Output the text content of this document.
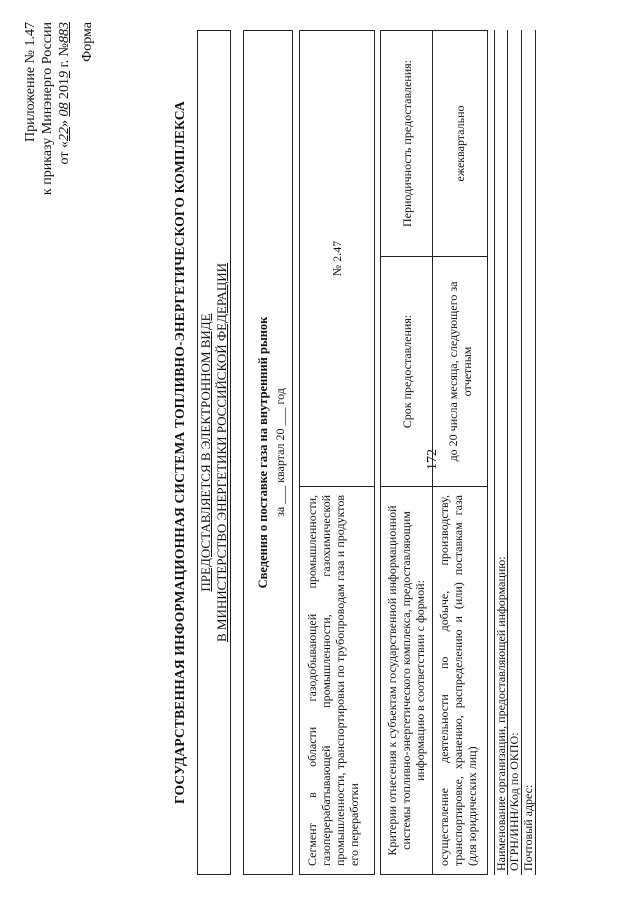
172
Приложение № 1.47 к приказу Минэнерго России от «22» 08 2019 г. №883 Форма
ГОСУДАРСТВЕННАЯ ИНФОРМАЦИОННАЯ СИСТЕМА ТОПЛИВНО-ЭНЕРГЕТИЧЕСКОГО КОМПЛЕКСА ПРЕДОСТАВЛЯЕТСЯ В ЭЛЕКТРОННОМ ВИДЕ В МИНИСТЕРСТВО ЭНЕРГЕТИКИ РОССИЙСКОЙ ФЕДЕРАЦИИ Сведения о поставке газа на внутренний рынок за ___ квартал 20 ___ год
Сегмент в области газодобывающей промышленности, газоперерабатывающей промышленности, газохимической промышленности, транспортировки по трубопроводам газа и продуктов его переработки
№ 2.47
Критерии отнесения к субъектам государственной информационной системы топливно-энергетического комплекса, предоставляющим информацию в соответствии с формой:
Срок предоставления:
Периодичность предоставления:
осуществление деятельности по добыче, производству, транспортировке, хранению, распределению и (или) поставкам газа (для юридических лиц)
до 20 числа месяца, следующего за отчетным
ежеквартально
Наименование организации, предоставляющей информацию: ОГРН/ИНН/Код по ОКПО: Почтовый адрес:
